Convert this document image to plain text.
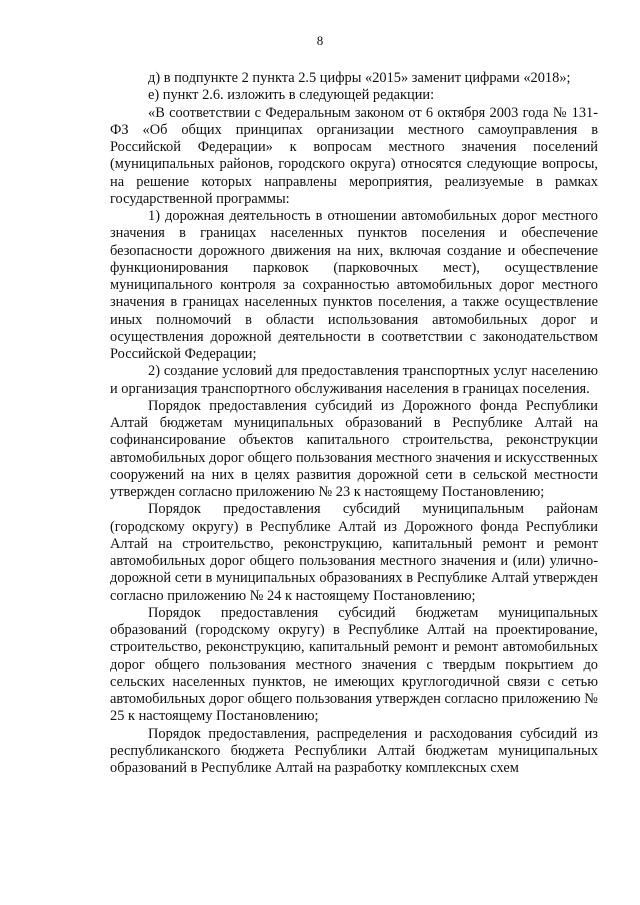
8

д) в подпункте 2 пункта 2.5 цифры «2015» заменит цифрами «2018»;

е) пункт 2.6. изложить в следующей редакции:

«В соответствии с Федеральным законом от 6 октября 2003 года № 131-ФЗ «Об общих принципах организации местного самоуправления в Российской Федерации» к вопросам местного значения поселений (муниципальных районов, городского округа) относятся следующие вопросы, на решение которых направлены мероприятия, реализуемые в рамках государственной программы:

1) дорожная деятельность в отношении автомобильных дорог местного значения в границах населенных пунктов поселения и обеспечение безопасности дорожного движения на них, включая создание и обеспечение функционирования парковок (парковочных мест), осуществление муниципального контроля за сохранностью автомобильных дорог местного значения в границах населенных пунктов поселения, а также осуществление иных полномочий в области использования автомобильных дорог и осуществления дорожной деятельности в соответствии с законодательством Российской Федерации;

2) создание условий для предоставления транспортных услуг населению и организация транспортного обслуживания населения в границах поселения.

Порядок предоставления субсидий из Дорожного фонда Республики Алтай бюджетам муниципальных образований в Республике Алтай на софинансирование объектов капитального строительства, реконструкции автомобильных дорог общего пользования местного значения и искусственных сооружений на них в целях развития дорожной сети в сельской местности утвержден согласно приложению № 23 к настоящему Постановлению;

Порядок предоставления субсидий муниципальным районам (городскому округу) в Республике Алтай из Дорожного фонда Республики Алтай на строительство, реконструкцию, капитальный ремонт и ремонт автомобильных дорог общего пользования местного значения и (или) улично-дорожной сети в муниципальных образованиях в Республике Алтай утвержден согласно приложению № 24 к настоящему Постановлению;

Порядок предоставления субсидий бюджетам муниципальных образований (городскому округу) в Республике Алтай на проектирование, строительство, реконструкцию, капитальный ремонт и ремонт автомобильных дорог общего пользования местного значения с твердым покрытием до сельских населенных пунктов, не имеющих круглогодичной связи с сетью автомобильных дорог общего пользования утвержден согласно приложению № 25 к настоящему Постановлению;

Порядок предоставления, распределения и расходования субсидий из республиканского бюджета Республики Алтай бюджетам муниципальных образований в Республике Алтай на разработку комплексных схем
